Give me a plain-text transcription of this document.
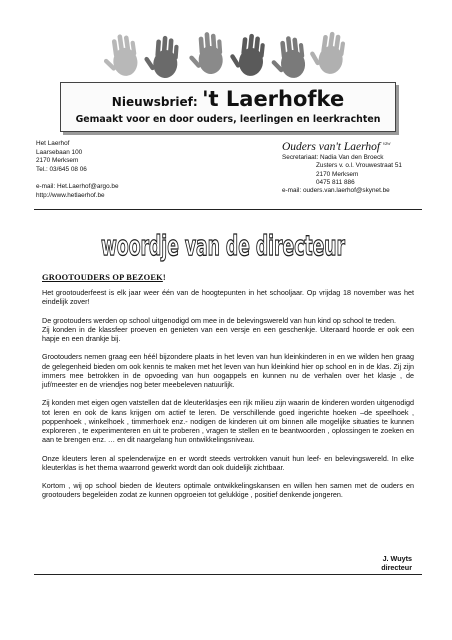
Nieuwsbrief: 't Laerhofke
Gemaakt voor en door ouders, leerlingen en leerkrachten
Het Laerhof
Laarsebaan 100
2170 Merksem
Tel.: 03/645 08 06
e-mail: Het.Laerhof@argo.be
http://www.hetlaerhof.be
Ouders van't Laerhof $^{vzw}$
Secretariaat: Nadia Van den Broeck
Zusters v. o.l. Vrouwestraat 51
2170 Merksem
0475 811 886
e-mail: ouders.van.laerhof@skynet.be
woordje van de directeur
GROOTOUDERS OP BEZOEK!

Het grootouderfeest is elk jaar weer één van de hoogtepunten in het schooljaar. Op vrijdag 18 november was het eindelijk zover!

De grootouders werden op school uitgenodigd om mee in de belevingswereld van hun kind op school te treden.

Zij konden in de klassfeer proeven en genieten van een versje en een geschenkje. Uiteraard hoorde er ook een hapje en een drankje bij.

Grootouders nemen graag een héél bijzondere plaats in het leven van hun kleinkinderen in en we wilden hen graag de gelegenheid bieden om ook kennis te maken met het leven van hun kleinkind hier op school en in de klas. Zij zijn immers mee betrokken in de opvoeding van hun oogappels en kunnen nu de verhalen over het klasje , de juf/meester en de vriendjes nog beter meebeleven natuurlijk.

Zij konden met eigen ogen vatstellen dat de kleuterklasjes een rijk milieu zijn waarin de kinderen worden uitgenodigd tot leren en ook de kans krijgen om actief te leren. De verschillende goed ingerichte hoeken –de speelhoek , poppenhoek , winkelhoek , timmerhoek enz.- nodigen de kinderen uit om binnen alle mogelijke situaties te kunnen exploreren , te experimenteren en uit te proberen , vragen te stellen en te beantwoorden , oplossingen te zoeken en aan te brengen enz. … en dit naargelang hun ontwikkelingsniveau.

Onze kleuters leren al spelenderwijze en er wordt steeds vertrokken vanuit hun leef- en belevingswereld. In elke kleuterklas is het thema waarrond gewerkt wordt dan ook duidelijk zichtbaar.

Kortom , wij op school bieden de kleuters optimale ontwikkelingskansen en willen hen samen met de ouders en grootouders begeleiden zodat ze kunnen opgroeien tot gelukkige , positief denkende jongeren.

J. Wuyts
directeur
